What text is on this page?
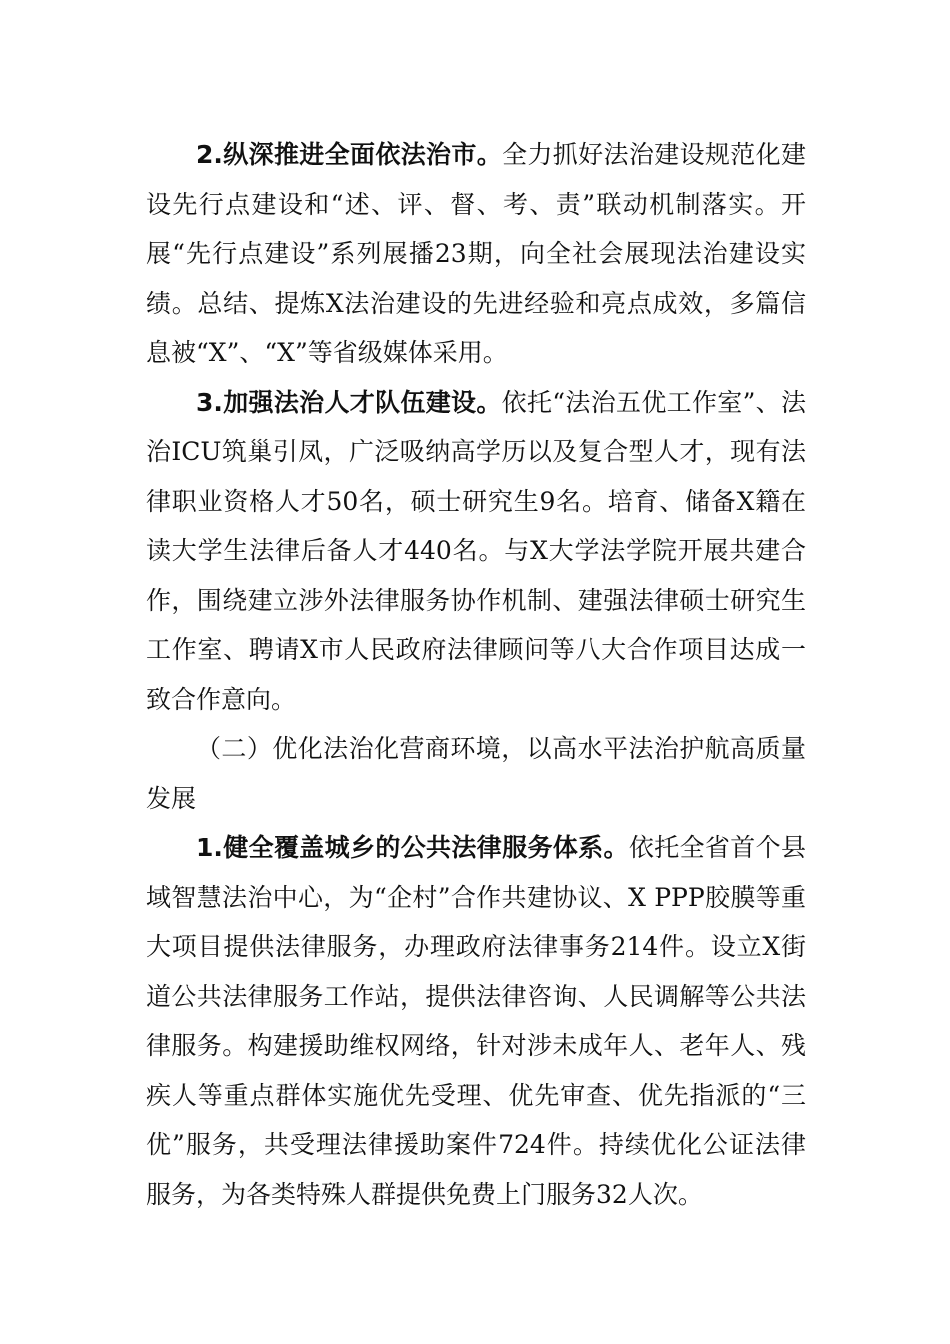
2.纵深推进全面依法治市。全力抓好法治建设规范化建设先行点建设和“述、评、督、考、责”联动机制落实。开展“先行点建设”系列展播23期，向全社会展现法治建设实绩。总结、提炼X法治建设的先进经验和亮点成效，多篇信息被“X”、“X”等省级媒体采用。

3.加强法治人才队伍建设。依托“法治五优工作室”、法治ICU筑巢引凤，广泛吸纳高学历以及复合型人才，现有法律职业资格人才50名，硕士研究生9名。培育、储备X籍在读大学生法律后备人才440名。与X大学法学院开展共建合作，围绕建立涉外法律服务协作机制、建强法律硕士研究生工作室、聘请X市人民政府法律顾问等八大合作项目达成一致合作意向。

（二）优化法治化营商环境，以高水平法治护航高质量发展

1.健全覆盖城乡的公共法律服务体系。依托全省首个县域智慧法治中心，为“企村”合作共建协议、X PPP胶膜等重大项目提供法律服务，办理政府法律事务214件。设立X街道公共法律服务工作站，提供法律咨询、人民调解等公共法律服务。构建援助维权网络，针对涉未成年人、老年人、残疾人等重点群体实施优先受理、优先审查、优先指派的“三优”服务，共受理法律援助案件724件。持续优化公证法律服务，为各类特殊人群提供免费上门服务32人次。
